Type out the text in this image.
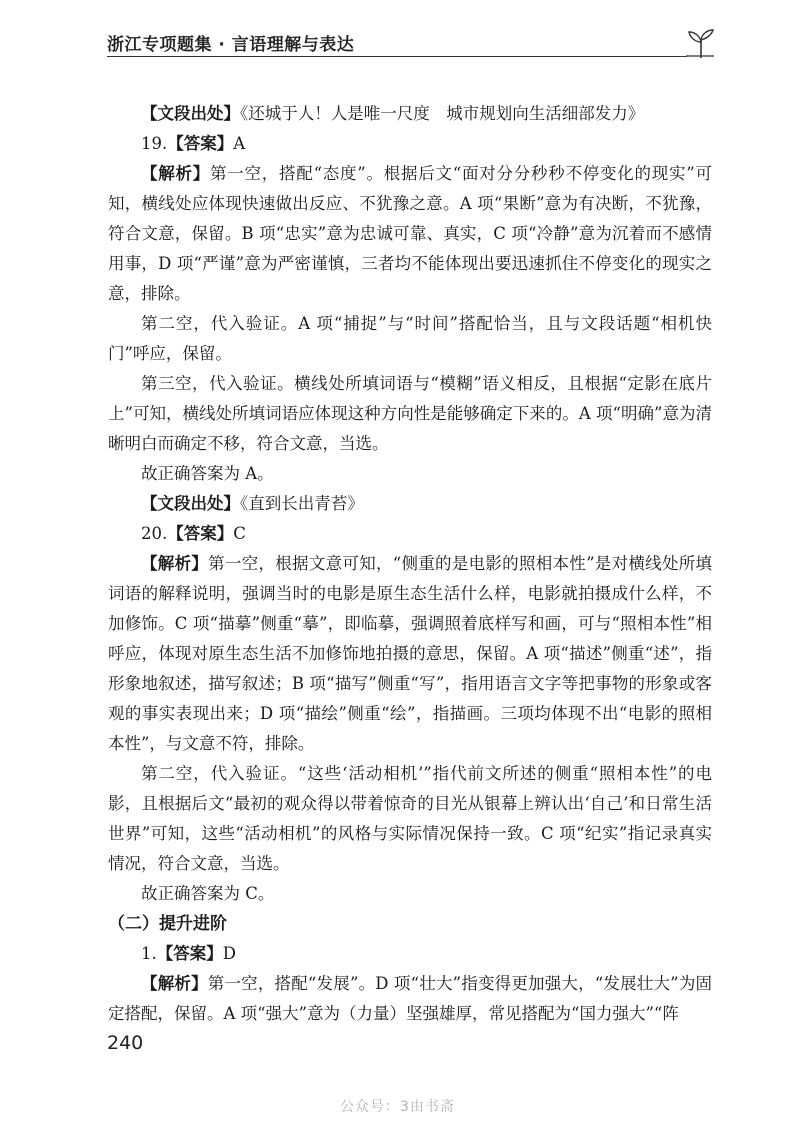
浙江专项题集 · 言语理解与表达

【文段出处】《还城于人！人是唯一尺度　城市规划向生活细部发力》

19.【答案】A

【解析】第一空，搭配“态度”。根据后文“面对分分秒秒不停变化的现实”可知，横线处应体现快速做出反应、不犹豫之意。A 项“果断”意为有决断，不犹豫，符合文意，保留。B 项“忠实”意为忠诚可靠、真实，C 项“冷静”意为沉着而不感情用事，D 项“严谨”意为严密谨慎，三者均不能体现出要迅速抓住不停变化的现实之意，排除。

第二空，代入验证。A 项“捕捉”与“时间”搭配恰当，且与文段话题“相机快门”呼应，保留。

第三空，代入验证。横线处所填词语与“模糊”语义相反，且根据“定影在底片上”可知，横线处所填词语应体现这种方向性是能够确定下来的。A 项“明确”意为清晰明白而确定不移，符合文意，当选。

故正确答案为 A。

【文段出处】《直到长出青苔》

20.【答案】C

【解析】第一空，根据文意可知，“侧重的是电影的照相本性”是对横线处所填词语的解释说明，强调当时的电影是原生态生活什么样，电影就拍摄成什么样，不加修饰。C 项“描摹”侧重“摹”，即临摹，强调照着底样写和画，可与“照相本性”相呼应，体现对原生态生活不加修饰地拍摄的意思，保留。A 项“描述”侧重“述”，指形象地叙述，描写叙述；B 项“描写”侧重“写”，指用语言文字等把事物的形象或客观的事实表现出来；D 项“描绘”侧重“绘”，指描画。三项均体现不出“电影的照相本性”，与文意不符，排除。

第二空，代入验证。“这些‘活动相机’”指代前文所述的侧重“照相本性”的电影，且根据后文“最初的观众得以带着惊奇的目光从银幕上辨认出‘自己’和日常生活世界”可知，这些“活动相机”的风格与实际情况保持一致。C 项“纪实”指记录真实情况，符合文意，当选。

故正确答案为 C。

（二）提升进阶

1.【答案】D

【解析】第一空，搭配“发展”。D 项“壮大”指变得更加强大，“发展壮大”为固定搭配，保留。A 项“强大”意为（力量）坚强雄厚，常见搭配为“国力强大”“阵

240
公众号：3由书斋
